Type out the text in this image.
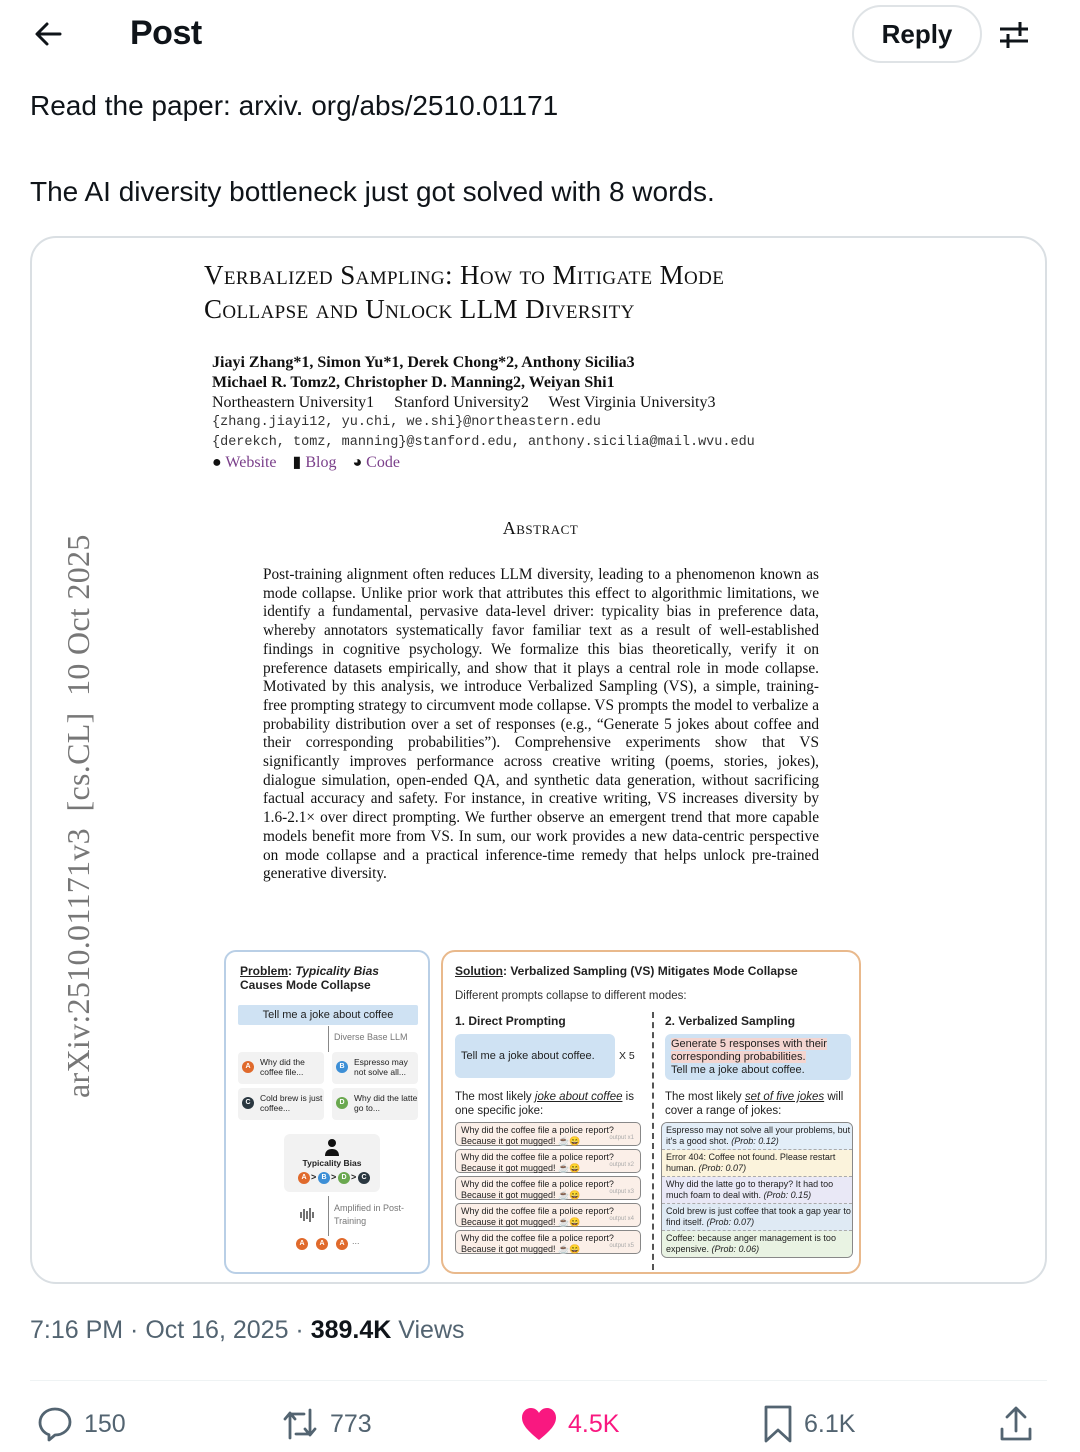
Post	Reply
Read the paper: arxiv. org/abs/2510.01171
The AI diversity bottleneck just got solved with 8 words.
Verbalized Sampling: How to Mitigate Mode
Collapse and Unlock LLM Diversity
Jiayi Zhang*1, Simon Yu*1, Derek Chong*2, Anthony Sicilia3
Michael R. Tomz2, Christopher D. Manning2, Weiyan Shi1
Northeastern University1     Stanford University2     West Virginia University3
{zhang.jiayi12, yu.chi, we.shi}@northeastern.edu
{derekch, tomz, manning}@stanford.edu, anthony.sicilia@mail.wvu.edu
● Website ▮ Blog ◕ Code
arXiv:2510.01171v3  [cs.CL]  10 Oct 2025
Abstract
Post-training alignment often reduces LLM diversity, leading to a phenomenon known as mode collapse. Unlike prior work that attributes this effect to algorithmic limitations, we identify a fundamental, pervasive data-level driver: typicality bias in preference data, whereby annotators systematically favor familiar text as a result of well-established findings in cognitive psychology. We formalize this bias theoretically, verify it on preference datasets empirically, and show that it plays a central role in mode collapse. Motivated by this analysis, we introduce Verbalized Sampling (VS), a simple, training-free prompting strategy to circumvent mode collapse. VS prompts the model to verbalize a probability distribution over a set of responses (e.g., “Generate 5 jokes about coffee and their corresponding probabilities”). Comprehensive experiments show that VS significantly improves performance across creative writing (poems, stories, jokes), dialogue simulation, open-ended QA, and synthetic data generation, without sacrificing factual accuracy and safety. For instance, in creative writing, VS increases diversity by 1.6-2.1× over direct prompting. We further observe an emergent trend that more capable models benefit more from VS. In sum, our work provides a new data-centric perspective on mode collapse and a practical inference-time remedy that helps unlock pre-trained generative diversity.
Problem: Typicality Bias
Causes Mode Collapse
Tell me a joke about coffee
Diverse Base LLM
A	Why did the coffee file...
B	Espresso may not solve all...
C	Cold brew is just coffee...
D	Why did the latte go to...
Typicality Bias
A > B > D > C
Amplified in Post-Training
A	A	A ...
Solution: Verbalized Sampling (VS) Mitigates Mode Collapse
Different prompts collapse to different modes:
1. Direct Prompting	2. Verbalized Sampling
Tell me a joke about coffee.	X 5
Generate 5 responses with their corresponding probabilities.
Tell me a joke about coffee.
The most likely joke about coffee is one specific joke:
The most likely set of five jokes will cover a range of jokes:
Why did the coffee file a police report?
Because it got mugged! ☕😄	output x1
Why did the coffee file a police report?
Because it got mugged! ☕😄	output x2
Why did the coffee file a police report?
Because it got mugged! ☕😄	output x3
Why did the coffee file a police report?
Because it got mugged! ☕😄	output x4
Why did the coffee file a police report?
Because it got mugged! ☕😄	output x5
Espresso may not solve all your problems, but it's a good shot. (Prob: 0.12)
Error 404: Coffee not found. Please restart human. (Prob: 0.07)
Why did the latte go to therapy? It had too much foam to deal with. (Prob: 0.15)
Cold brew is just coffee that took a gap year to find itself. (Prob: 0.07)
Coffee: because anger management is too expensive. (Prob: 0.06)
7:16 PM · Oct 16, 2025 · 389.4K Views
150	773	4.5K	6.1K
